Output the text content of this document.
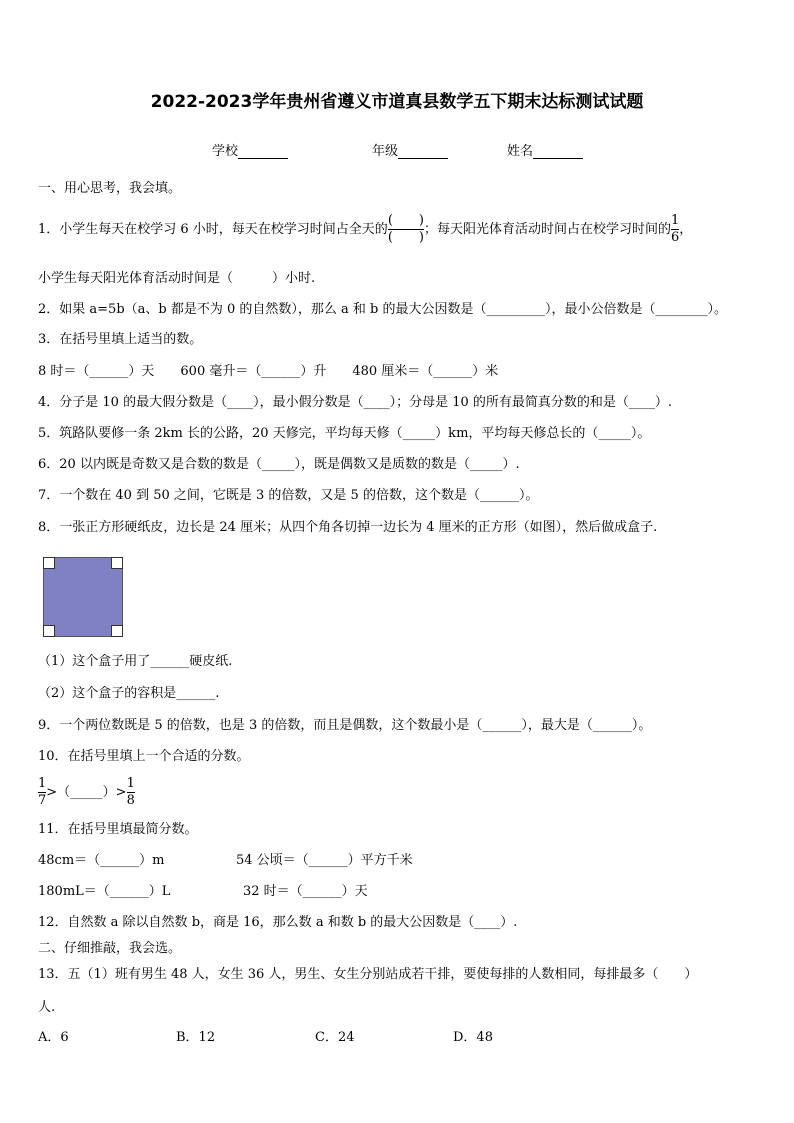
2022-2023学年贵州省遵义市道真县数学五下期末达标测试试题
学校	年级	姓名
一、用心思考，我会填。
1．小学生每天在校学习 6 小时，每天在校学习时间占全天的 $\frac{( )}{( )}$ ；每天阳光体育活动时间占在校学习时间的 $\frac{1}{6}$ ，
小学生每天阳光体育活动时间是（　　　）小时.
2．如果 a=5b（a、b 都是不为 0 的自然数），那么 a 和 b 的最大公因数是（_________），最小公倍数是（________）。
3．在括号里填上适当的数。
8 时＝（______）天　　600 毫升＝（______）升　　480 厘米＝（______）米
4．分子是 10 的最大假分数是（____），最小假分数是（____）；分母是 10 的所有最简真分数的和是（____）.
5．筑路队要修一条 2km 长的公路，20 天修完，平均每天修（_____）km，平均每天修总长的（_____）。
6．20 以内既是奇数又是合数的数是（_____），既是偶数又是质数的数是（_____）.
7．一个数在 40 到 50 之间，它既是 3 的倍数，又是 5 的倍数，这个数是（______）。
8．一张正方形硬纸皮，边长是 24 厘米；从四个角各切掉一边长为 4 厘米的正方形（如图），然后做成盒子.
（1）这个盒子用了______硬皮纸.
（2）这个盒子的容积是______.
9．一个两位数既是 5 的倍数，也是 3 的倍数，而且是偶数，这个数最小是（______），最大是（______）。
10．在括号里填上一个合适的分数。
$\frac{1}{7}$ >（_____）> $\frac{1}{8}$
11．在括号里填最简分数。
48cm＝（______）m	54 公顷＝（______）平方千米
180mL＝（______）L	32 时＝（______）天
12．自然数 a 除以自然数 b，商是 16，那么数 a 和数 b 的最大公因数是（____）.
二、仔细推敲，我会选。
13．五（1）班有男生 48 人，女生 36 人，男生、女生分别站成若干排，要使每排的人数相同，每排最多（　　）
人.
A．6	B．12	C．24	D．48
